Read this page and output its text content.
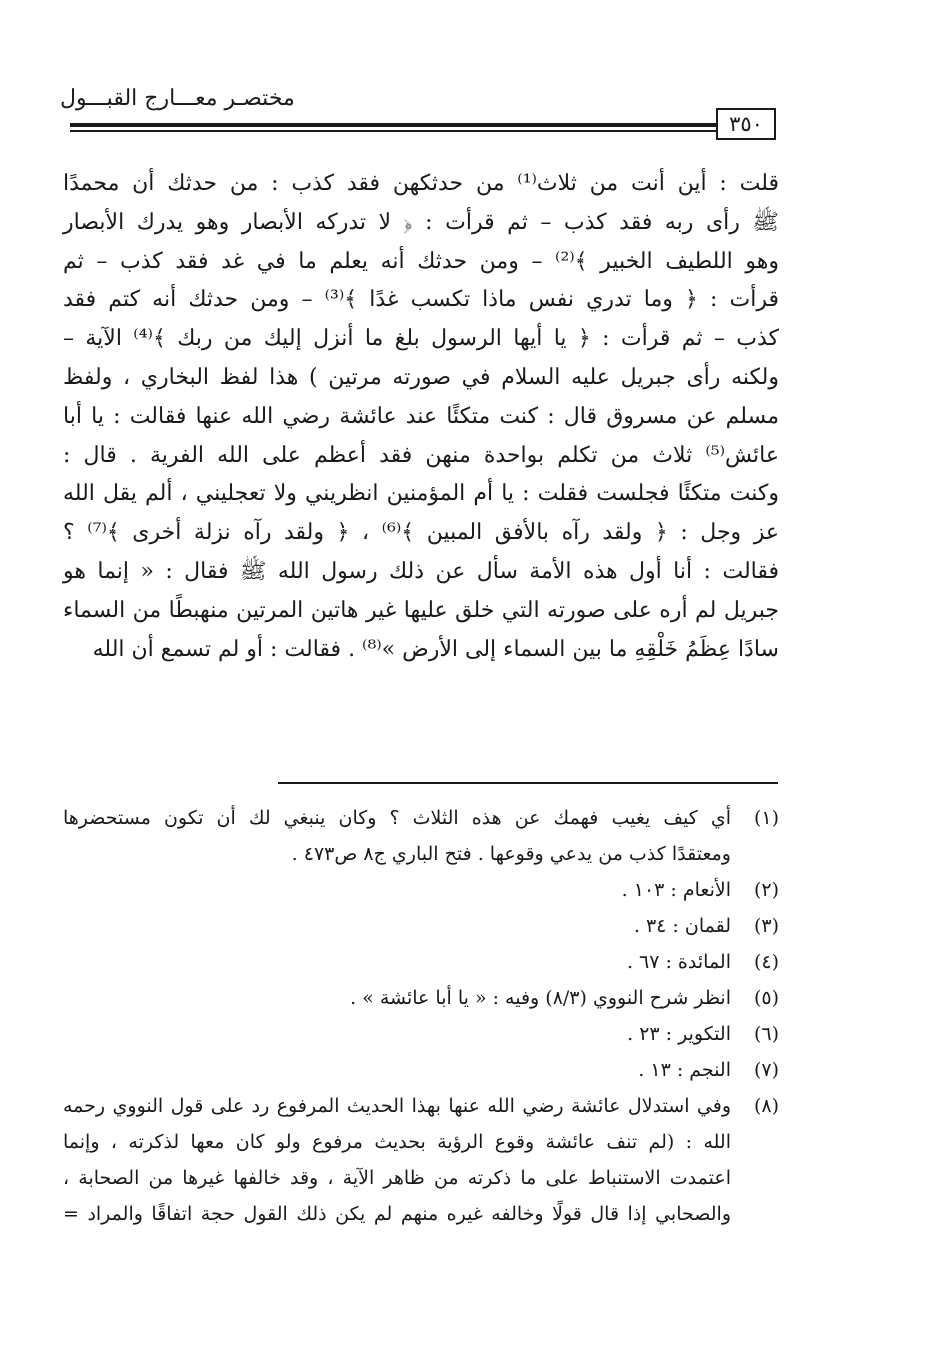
مختصـر معـــارج القبـــول
٣٥٠
قلت : أين أنت من ثلاث⁽¹⁾ من حدثكهن فقد كذب : من حدثك أن محمدًا
ﷺ رأى ربه فقد كذب – ثم قرأت : ﴿ لا تدركه الأبصار وهو يدرك الأبصار
وهو اللطيف الخبير ﴾⁽²⁾ – ومن حدثك أنه يعلم ما في غد فقد كذب – ثم
قرأت : ﴿ وما تدري نفس ماذا تكسب غدًا ﴾⁽³⁾ – ومن حدثك أنه كتم فقد
كذب – ثم قرأت : ﴿ يا أيها الرسول بلغ ما أنزل إليك من ربك ﴾⁽⁴⁾ الآية –
ولكنه رأى جبريل عليه السلام في صورته مرتين ) هذا لفظ البخاري ، ولفظ
مسلم عن مسروق قال : كنت متكئًا عند عائشة رضي الله عنها فقالت : يا أبا
عائش⁽⁵⁾ ثلاث من تكلم بواحدة منهن فقد أعظم على الله الفرية . قال :
وكنت متكئًا فجلست فقلت : يا أم المؤمنين انظريني ولا تعجليني ، ألم يقل الله
عز وجل : ﴿ ولقد رآه بالأفق المبين ﴾⁽⁶⁾ ، ﴿ ولقد رآه نزلة أخرى ﴾⁽⁷⁾ ؟
فقالت : أنا أول هذه الأمة سأل عن ذلك رسول الله ﷺ فقال : « إنما هو
جبريل لم أره على صورته التي خلق عليها غير هاتين المرتين منهبطًا من السماء
سادًا عِظَمُ خَلْقِهِ ما بين السماء إلى الأرض »⁽⁸⁾ . فقالت : أو لم تسمع أن الله
(١)
أي كيف يغيب فهمك عن هذه الثلاث ؟ وكان ينبغي لك أن تكون مستحضرها
ومعتقدًا كذب من يدعي وقوعها . فتح الباري ج٨ ص٤٧٣ .
(٢)
الأنعام : ١٠٣ .
(٣)
لقمان : ٣٤ .
(٤)
المائدة : ٦٧ .
(٥)
انظر شرح النووي (٨/٣) وفيه : « يا أبا عائشة » .
(٦)
التكوير : ٢٣ .
(٧)
النجم : ١٣ .
(٨)
وفي استدلال عائشة رضي الله عنها بهذا الحديث المرفوع رد على قول النووي رحمه
الله : (لم تنف عائشة وقوع الرؤية بحديث مرفوع ولو كان معها لذكرته ، وإنما
اعتمدت الاستنباط على ما ذكرته من ظاهر الآية ، وقد خالفها غيرها من الصحابة ،
والصحابي إذا قال قولًا وخالفه غيره منهم لم يكن ذلك القول حجة اتفاقًا والمراد =
